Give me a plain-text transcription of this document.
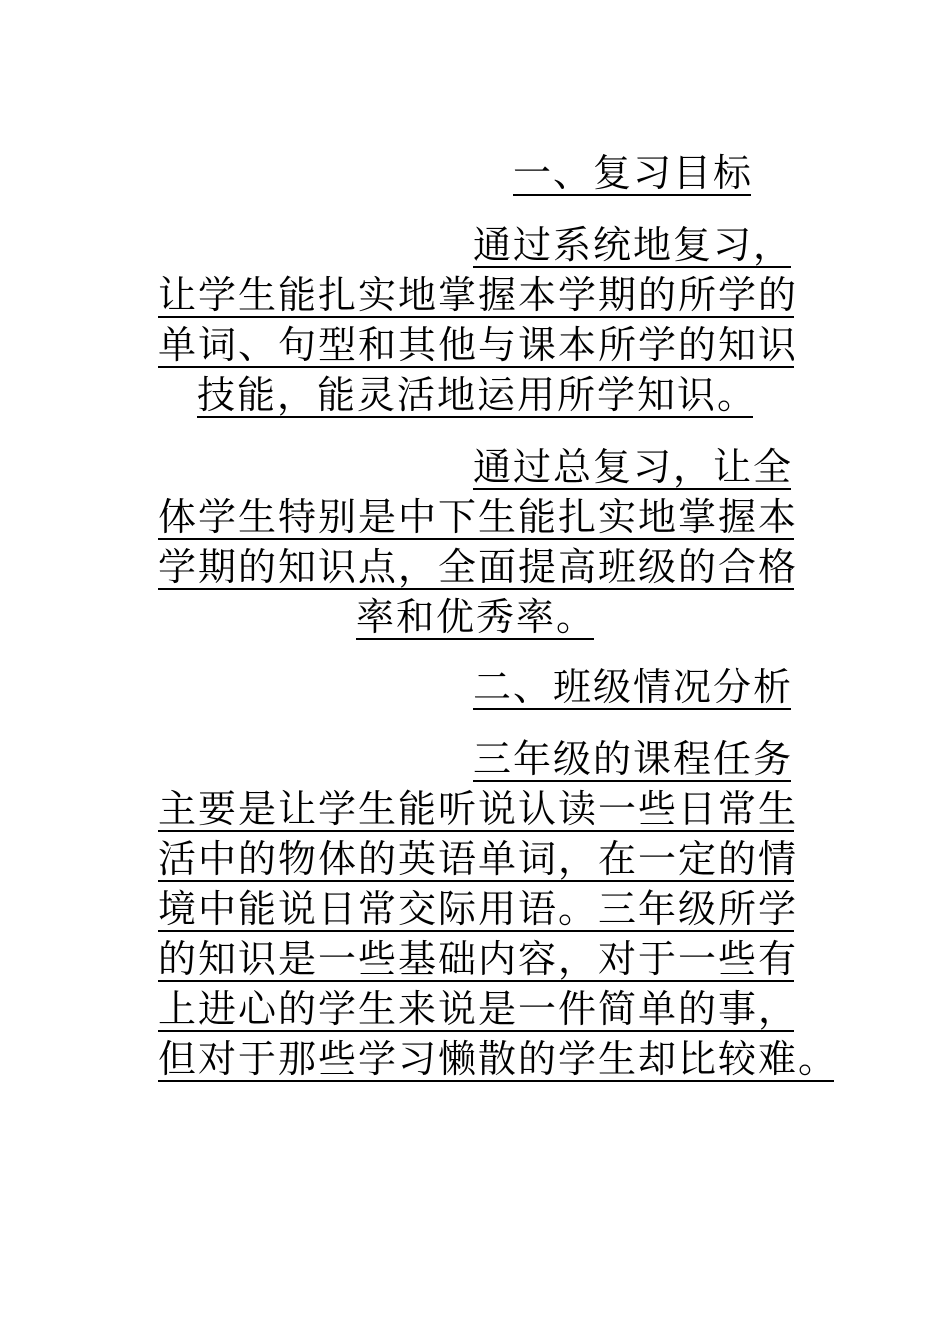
一、复习目标
通过系统地复习，
让学生能扎实地掌握本学期的所学的
单词、句型和其他与课本所学的知识
技能，能灵活地运用所学知识。
通过总复习，让全
体学生特别是中下生能扎实地掌握本
学期的知识点，全面提高班级的合格
率和优秀率。
二、班级情况分析
三年级的课程任务
主要是让学生能听说认读一些日常生
活中的物体的英语单词，在一定的情
境中能说日常交际用语。三年级所学
的知识是一些基础内容，对于一些有
上进心的学生来说是一件简单的事，
但对于那些学习懒散的学生却比较难。
